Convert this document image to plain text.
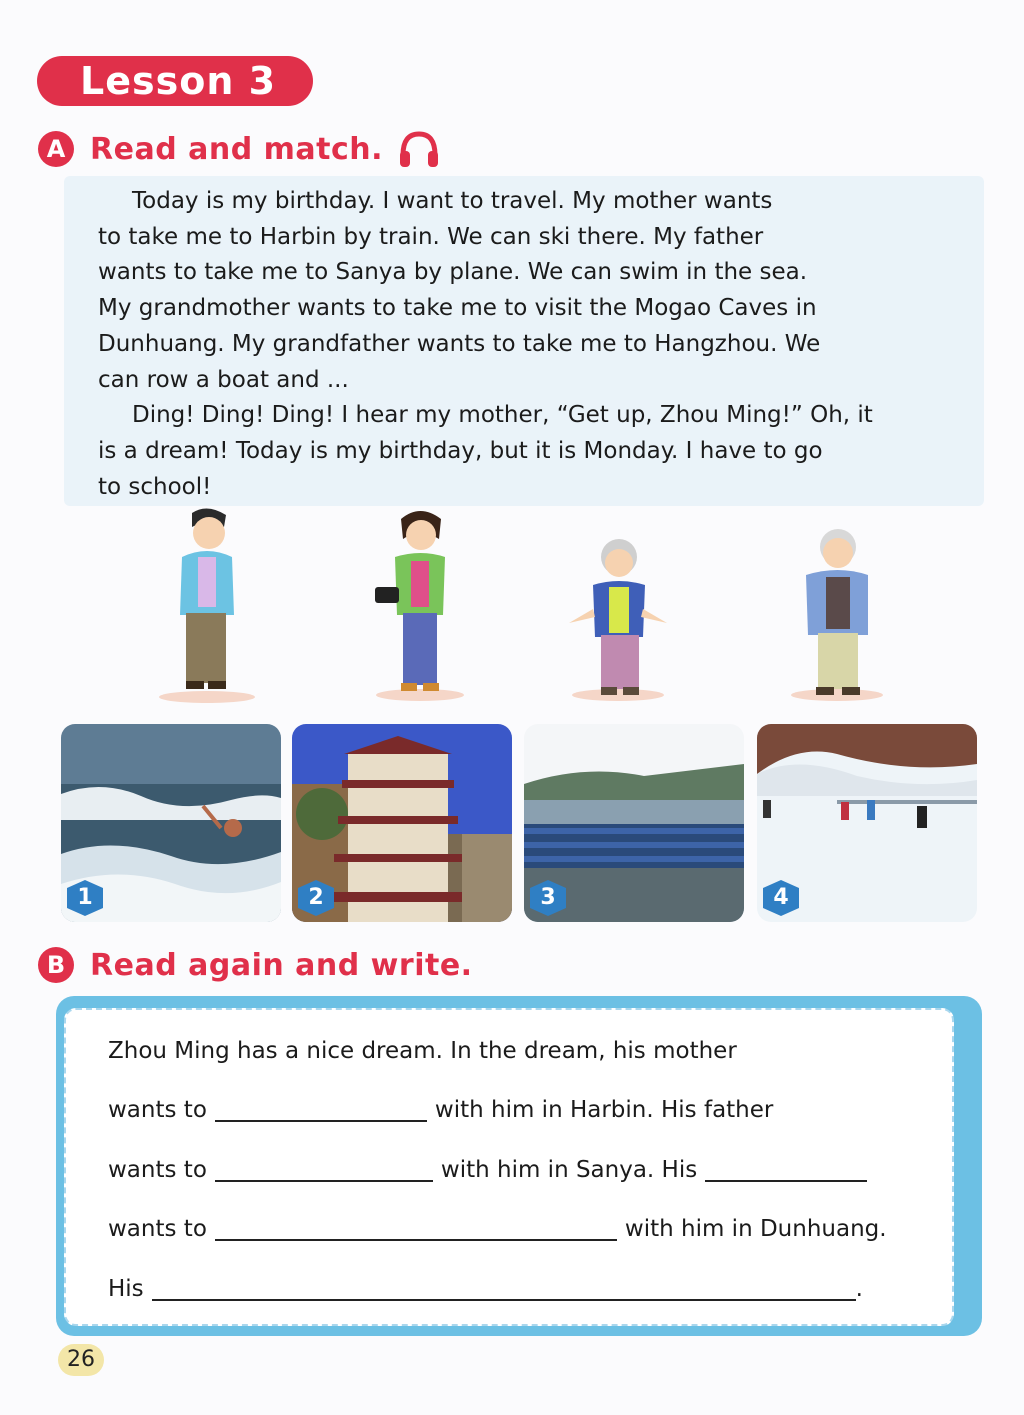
Lesson 3
A Read and match.

Today is my birthday. I want to travel. My mother wants

to take me to Harbin by train. We can ski there. My father

wants to take me to Sanya by plane. We can swim in the sea.

My grandmother wants to take me to visit the Mogao Caves in

Dunhuang. My grandfather wants to take me to Hangzhou. We

can row a boat and ...

Ding! Ding! Ding! I hear my mother, “Get up, Zhou Ming!” Oh, it

is a dream! Today is my birthday, but it is Monday. I have to go

to school!

1	2	3	4
B Read again and write.
Zhou Ming has a nice dream. In the dream, his mother
wants to	with him in Harbin. His father
wants to	with him in Sanya. His
wants to	with him in Dunhuang.
His	.
26
